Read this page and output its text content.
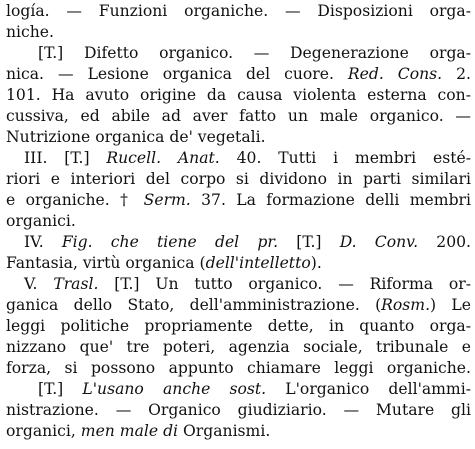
logía. — Funzioni organiche. — Disposizioni orga-
niche.
[T.] Difetto organico. — Degenerazione orga-
nica. — Lesione organica del cuore. Red. Cons. 2.
101. Ha avuto origine da causa violenta esterna con-
cussiva, ed abile ad aver fatto un male organico. —
Nutrizione organica de' vegetali.
III. [T.] Rucell. Anat. 40. Tutti i membri esté-
riori e interiori del corpo si dividono in parti similari
e organiche. † Serm. 37. La formazione delli membri
organici.
IV. Fig. che tiene del pr. [T.] D. Conv. 200.
Fantasia, virtù organica (dell'intelletto).
V. Trasl. [T.] Un tutto organico. — Riforma or-
ganica dello Stato, dell'amministrazione. (Rosm.) Le
leggi politiche propriamente dette, in quanto orga-
nizzano que' tre poteri, agenzia sociale, tribunale e
forza, si possono appunto chiamare leggi organiche.
[T.] L'usano anche sost. L'organico dell'ammi-
nistrazione. — Organico giudiziario. — Mutare gli
organici, men male di Organismi.
